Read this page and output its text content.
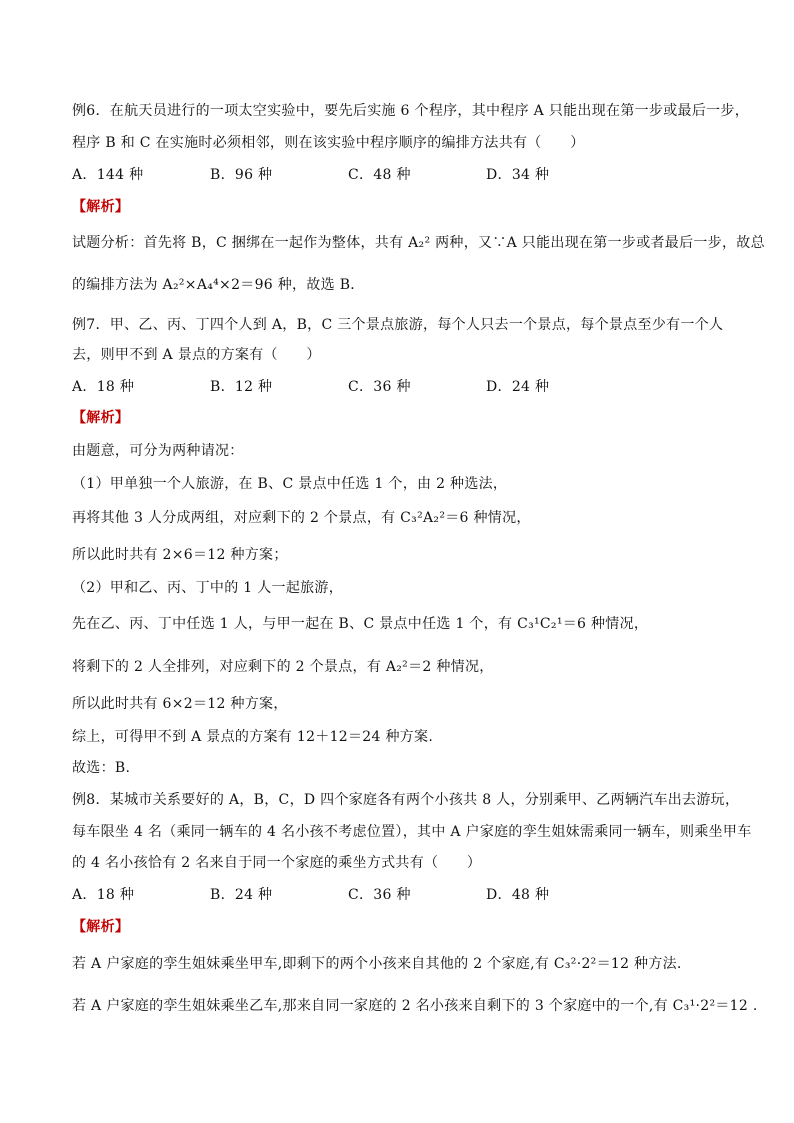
例6．在航天员进行的一项太空实验中，要先后实施 6 个程序，其中程序 A 只能出现在第一步或最后一步，
程序 B 和 C 在实施时必须相邻，则在该实验中程序顺序的编排方法共有（　　）
A．144 种	B．96 种	C．48 种	D．34 种
【解析】
试题分析：首先将 B，C 捆绑在一起作为整体，共有 A₂² 两种，又∵A 只能出现在第一步或者最后一步，故总
的编排方法为 A₂²×A₄⁴×2＝96 种，故选 B．
例7．甲、乙、丙、丁四个人到 A，B，C 三个景点旅游，每个人只去一个景点，每个景点至少有一个人
去，则甲不到 A 景点的方案有（　　）
A．18 种	B．12 种	C．36 种	D．24 种
【解析】
由题意，可分为两种请况：
（1）甲单独一个人旅游，在 B、C 景点中任选 1 个，由 2 种选法，
再将其他 3 人分成两组，对应剩下的 2 个景点，有 C₃²A₂²＝6 种情况，
所以此时共有 2×6＝12 种方案；
（2）甲和乙、丙、丁中的 1 人一起旅游，
先在乙、丙、丁中任选 1 人，与甲一起在 B、C 景点中任选 1 个，有 C₃¹C₂¹＝6 种情况，
将剩下的 2 人全排列，对应剩下的 2 个景点，有 A₂²＝2 种情况，
所以此时共有 6×2＝12 种方案，
综上，可得甲不到 A 景点的方案有 12＋12＝24 种方案.
故选：B.
例8．某城市关系要好的 A，B，C，D 四个家庭各有两个小孩共 8 人，分别乘甲、乙两辆汽车出去游玩，
每车限坐 4 名（乘同一辆车的 4 名小孩不考虑位置），其中 A 户家庭的孪生姐妹需乘同一辆车，则乘坐甲车
的 4 名小孩恰有 2 名来自于同一个家庭的乘坐方式共有（　　）
A．18 种	B．24 种	C．36 种	D．48 种
【解析】
若 A 户家庭的孪生姐妹乘坐甲车,即剩下的两个小孩来自其他的 2 个家庭,有 C₃²·2²＝12 种方法.
若 A 户家庭的孪生姐妹乘坐乙车,那来自同一家庭的 2 名小孩来自剩下的 3 个家庭中的一个,有 C₃¹·2²＝12 .
